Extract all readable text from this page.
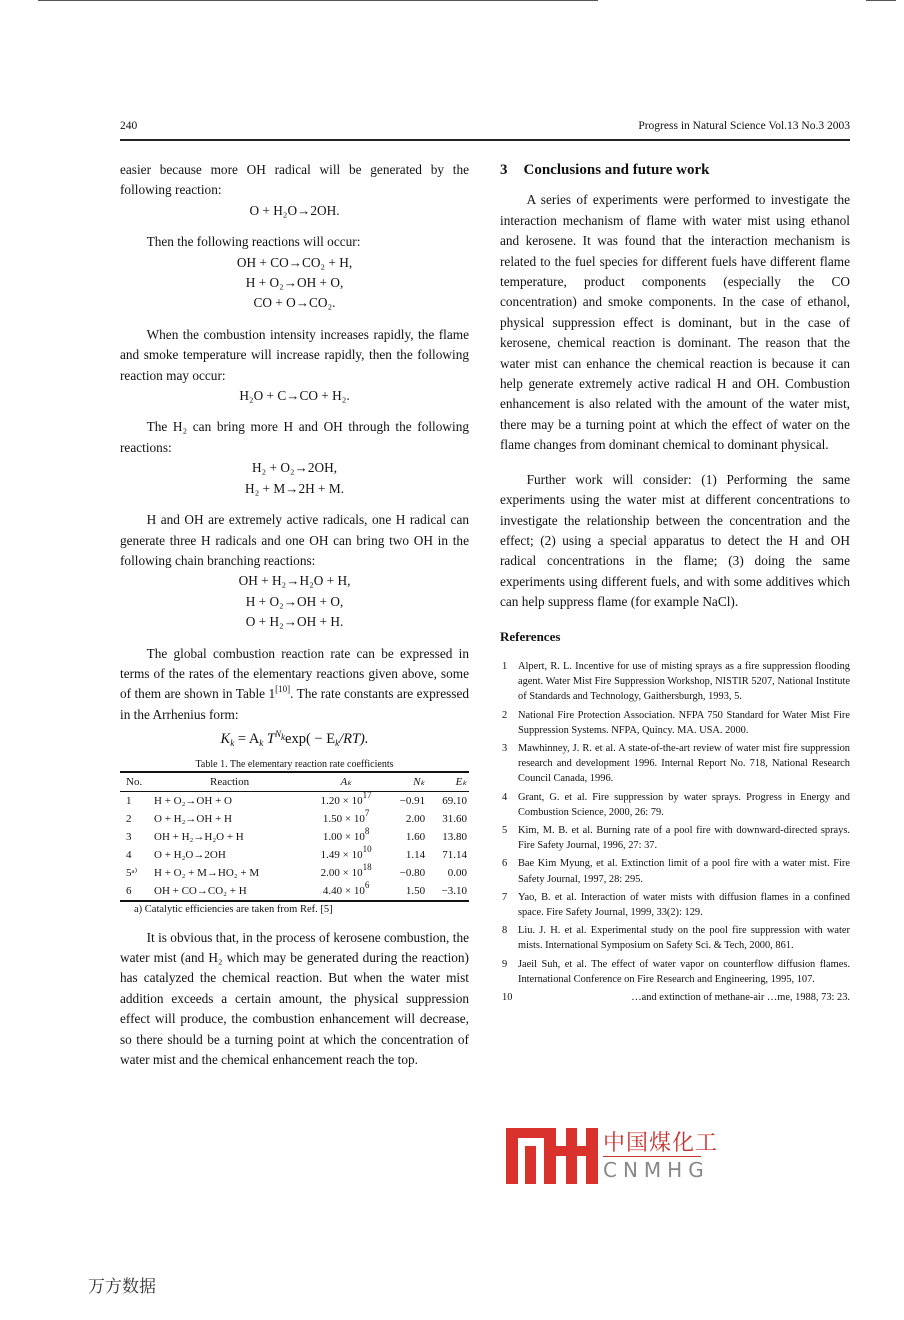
240	Progress in Natural Science Vol.13 No.3 2003

easier because more OH radical will be generated by the following reaction:

O + H₂O→2OH.

Then the following reactions will occur:

OH + CO→CO₂ + H,

H + O₂→OH + O,

CO + O→CO₂.

When the combustion intensity increases rapidly, the flame and smoke temperature will increase rapidly, then the following reaction may occur:

H₂O + C→CO + H₂.

The H₂ can bring more H and OH through the following reactions:

H₂ + O₂→2OH,

H₂ + M→2H + M.

H and OH are extremely active radicals, one H radical can generate three H radicals and one OH can bring two OH in the following chain branching reactions:

OH + H₂→H₂O + H,

H + O₂→OH + O,

O + H₂→OH + H.

The global combustion reaction rate can be expressed in terms of the rates of the elementary reactions given above, some of them are shown in Table 1[10]. The rate constants are expressed in the Arrhenius form:

$K_k = A_k$ $T^{N_k}\exp( - E_k/RT)$.

Table 1. The elementary reaction rate coefficients
No.	Reaction	Aₖ	Nₖ	Eₖ
1	H + O₂→OH + O	$1.20 \times 10^{17}$	−0.91	69.10
2	O + H₂→OH + H	$1.50 \times 10^7$	2.00	31.60
3	OH + H₂→H₂O + H	$1.00 \times 10^8$	1.60	13.80
4	O + H₂O→2OH	$1.49 \times 10^{10}$	1.14	71.14
5ᵃ⁾	H + O₂ + M→HO₂ + M	$2.00 \times 10^{18}$	−0.80	0.00
6	OH + CO→CO₂ + H	$4.40 \times 10^6$	1.50	−3.10
a) Catalytic efficiencies are taken from Ref. [5]

It is obvious that, in the process of kerosene combustion, the water mist (and H₂ which may be generated during the reaction) has catalyzed the chemical reaction. But when the water mist addition exceeds a certain amount, the physical suppression effect will produce, the combustion enhancement will decrease, so there should be a turning point at which the concentration of water mist and the chemical enhancement reach the top.

3 Conclusions and future work

A series of experiments were performed to investigate the interaction mechanism of flame with water mist using ethanol and kerosene. It was found that the interaction mechanism is related to the fuel species for different fuels have different flame temperature, product components (especially the CO concentration) and smoke components. In the case of ethanol, physical suppression effect is dominant, but in the case of kerosene, chemical reaction is dominant. The reason that the water mist can enhance the chemical reaction is because it can help generate extremely active radical H and OH. Combustion enhancement is also related with the amount of the water mist, there may be a turning point at which the effect of water on the flame changes from dominant chemical to dominant physical.

Further work will consider: (1) Performing the same experiments using the water mist at different concentrations to investigate the relationship between the concentration and the effect; (2) using a special apparatus to detect the H and OH radical concentrations in the flame; (3) doing the same experiments using different fuels, and with some additives which can help suppress flame (for example NaCl).

References
1	Alpert, R. L. Incentive for use of misting sprays as a fire suppression flooding agent. Water Mist Fire Suppression Workshop, NISTIR 5207, National Institute of Standards and Technology, Gaithersburgh, 1993, 5.
2	National Fire Protection Association. NFPA 750 Standard for Water Mist Fire Suppression Systems. NFPA, Quincy. MA. USA. 2000.
3	Mawhinney, J. R. et al. A state-of-the-art review of water mist fire suppression research and development 1996. Internal Report No. 718, National Research Council Canada, 1996.
4	Grant, G. et al. Fire suppression by water sprays. Progress in Energy and Combustion Science, 2000, 26: 79.
5	Kim, M. B. et al. Burning rate of a pool fire with downward-directed sprays. Fire Safety Journal, 1996, 27: 37.
6	Bae Kim Myung, et al. Extinction limit of a pool fire with a water mist. Fire Safety Journal, 1997, 28: 295.
7	Yao, B. et al. Interaction of water mists with diffusion flames in a confined space. Fire Safety Journal, 1999, 33(2): 129.
8	Liu. J. H. et al. Experimental study on the pool fire suppression with water mists. International Symposium on Safety Sci. & Tech, 2000, 861.
9	Jaeil Suh, et al. The effect of water vapor on counterflow diffusion flames. International Conference on Fire Research and Engineering, 1995, 107.
10	…and extinction of methane-air …me, 1988, 73: 23.
中国煤化工
CNMHG
万方数据
